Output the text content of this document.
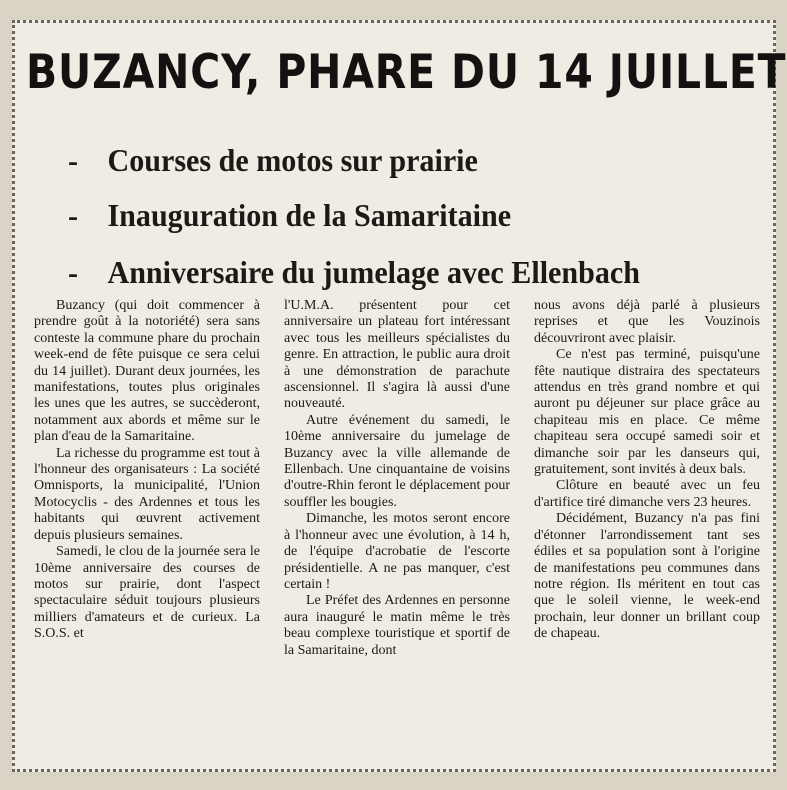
BUZANCY, PHARE DU 14 JUILLET
- Courses de motos sur prairie
- Inauguration de la Samaritaine
- Anniversaire du jumelage avec Ellenbach

Buzancy (qui doit commencer à prendre goût à la notoriété) sera sans conteste la commune phare du prochain week-end de fête puisque ce sera celui du 14 juillet). Durant deux journées, les manifestations, toutes plus originales les unes que les autres, se succèderont, notamment aux abords et même sur le plan d'eau de la Samaritaine.

La richesse du programme est tout à l'honneur des organisateurs : La société Omnisports, la municipalité, l'Union Motocyclis - des Ardennes et tous les habitants qui œuvrent activement depuis plusieurs semaines.

Samedi, le clou de la journée sera le 10ème anniversaire des courses de motos sur prairie, dont l'aspect spectaculaire séduit toujours plusieurs milliers d'amateurs et de curieux. La S.O.S. et

l'U.M.A. présentent pour cet anniversaire un plateau fort intéressant avec tous les meilleurs spécialistes du genre. En attraction, le public aura droit à une démonstration de parachute ascensionnel. Il s'agira là aussi d'une nouveauté.

Autre événement du samedi, le 10ème anniversaire du jumelage de Buzancy avec la ville allemande de Ellenbach. Une cinquantaine de voisins d'outre-Rhin feront le déplacement pour souffler les bougies.

Dimanche, les motos seront encore à l'honneur avec une évolution, à 14 h, de l'équipe d'acrobatie de l'escorte présidentielle. A ne pas manquer, c'est certain !

Le Préfet des Ardennes en personne aura inauguré le matin même le très beau complexe touristique et sportif de la Samaritaine, dont

nous avons déjà parlé à plusieurs reprises et que les Vouzinois découvriront avec plaisir.

Ce n'est pas terminé, puisqu'une fête nautique distraira des spectateurs attendus en très grand nombre et qui auront pu déjeuner sur place grâce au chapiteau mis en place. Ce même chapiteau sera occupé samedi soir et dimanche soir par les danseurs qui, gratuitement, sont invités à deux bals.

Clôture en beauté avec un feu d'artifice tiré dimanche vers 23 heures.

Décidément, Buzancy n'a pas fini d'étonner l'arrondissement tant ses édiles et sa population sont à l'origine de manifestations peu communes dans notre région. Ils méritent en tout cas que le soleil vienne, le week-end prochain, leur donner un brillant coup de chapeau.
